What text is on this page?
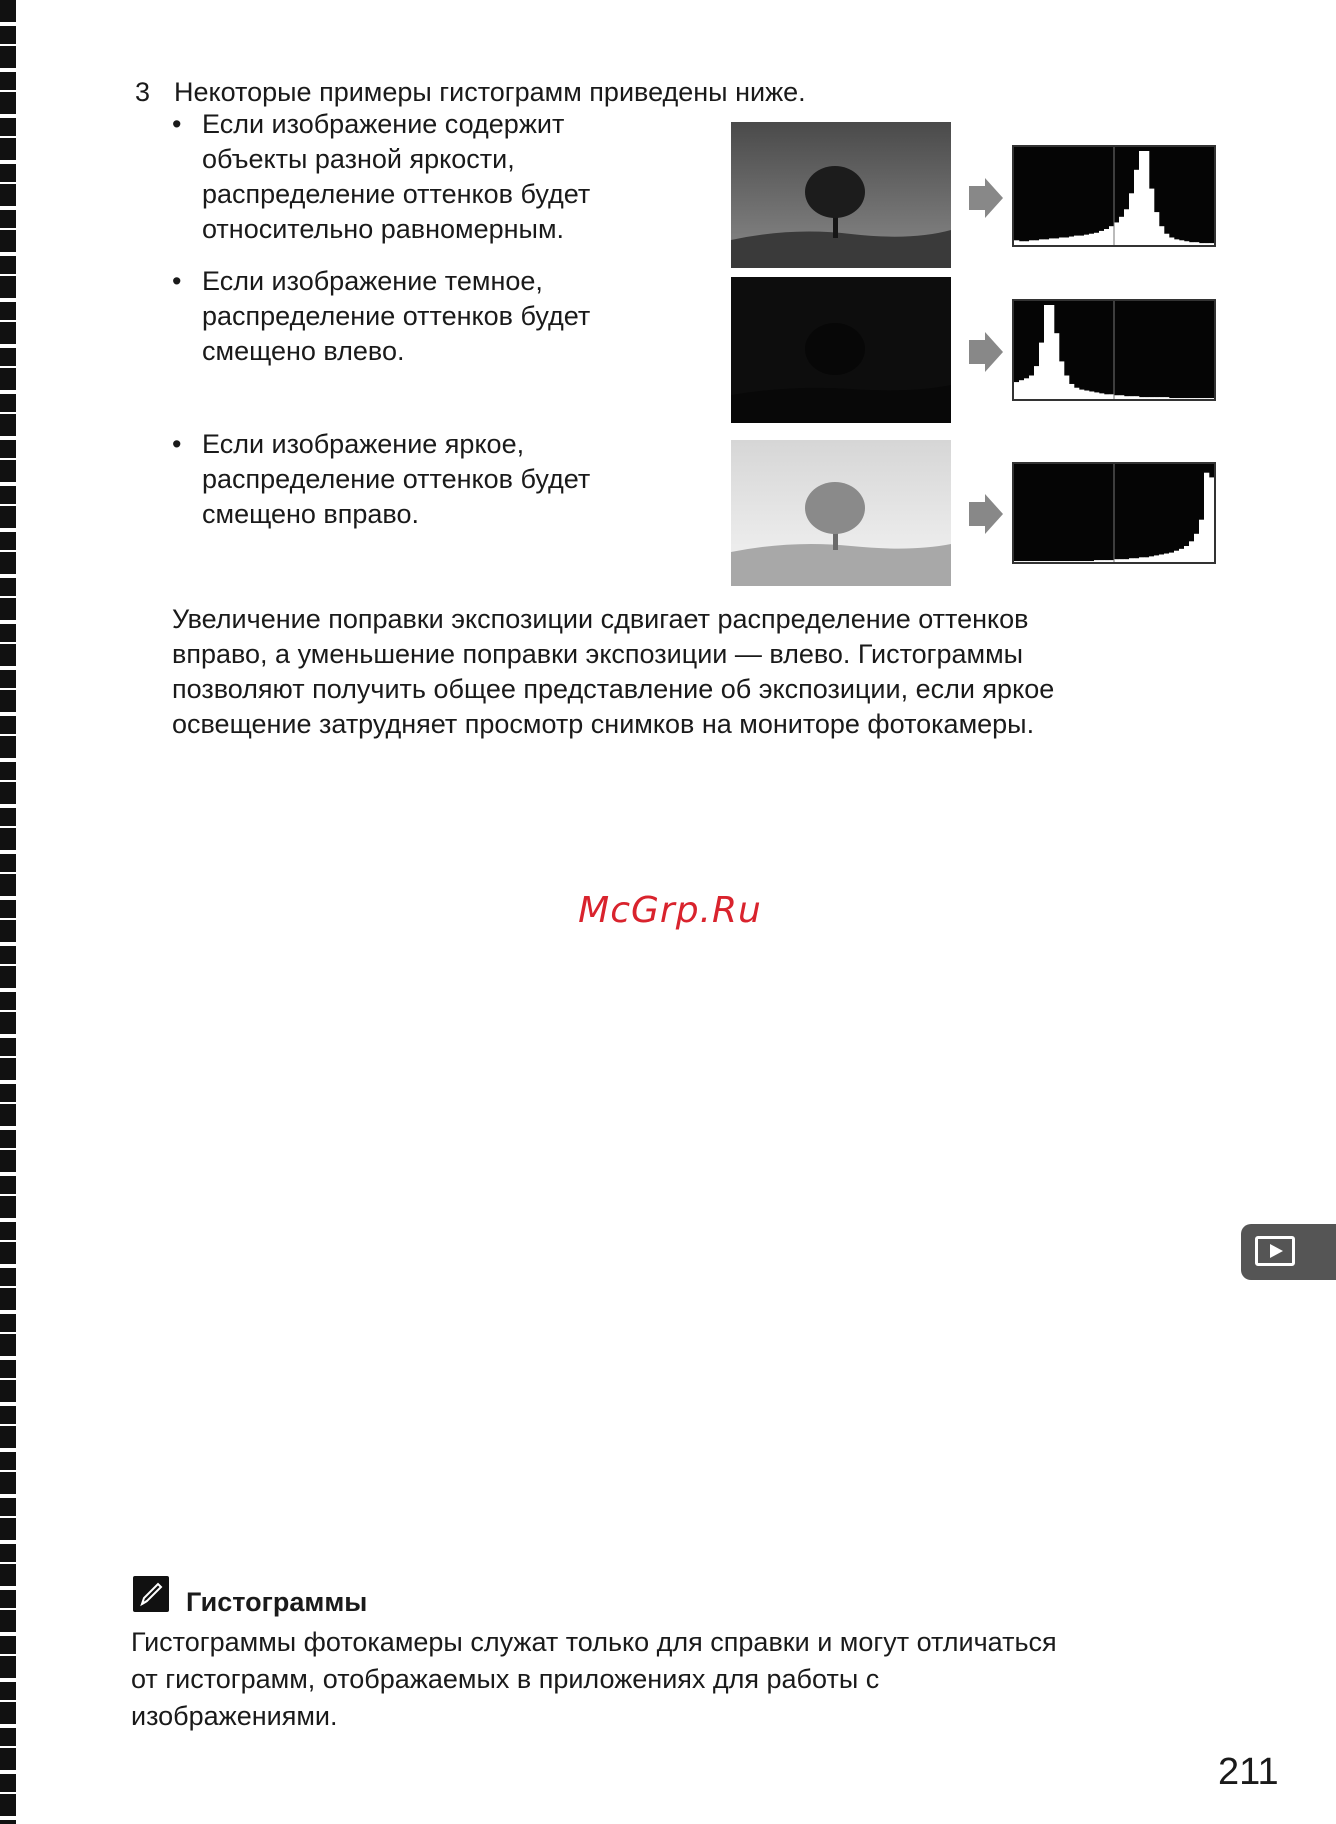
3 Некоторые примеры гистограмм приведены ниже.
• Если изображение содержит
объекты разной яркости,
распределение оттенков будет
относительно равномерным.
• Если изображение темное,
распределение оттенков будет
смещено влево.
• Если изображение яркое,
распределение оттенков будет
смещено вправо.
Увеличение поправки экспозиции сдвигает распределение оттенков
вправо, а уменьшение поправки экспозиции — влево. Гистограммы
позволяют получить общее представление об экспозиции, если яркое
освещение затрудняет просмотр снимков на мониторе фотокамеры.
McGrp.Ru
Гистограммы
Гистограммы фотокамеры служат только для справки и могут отличаться
от гистограмм, отображаемых в приложениях для работы с
изображениями.
211
